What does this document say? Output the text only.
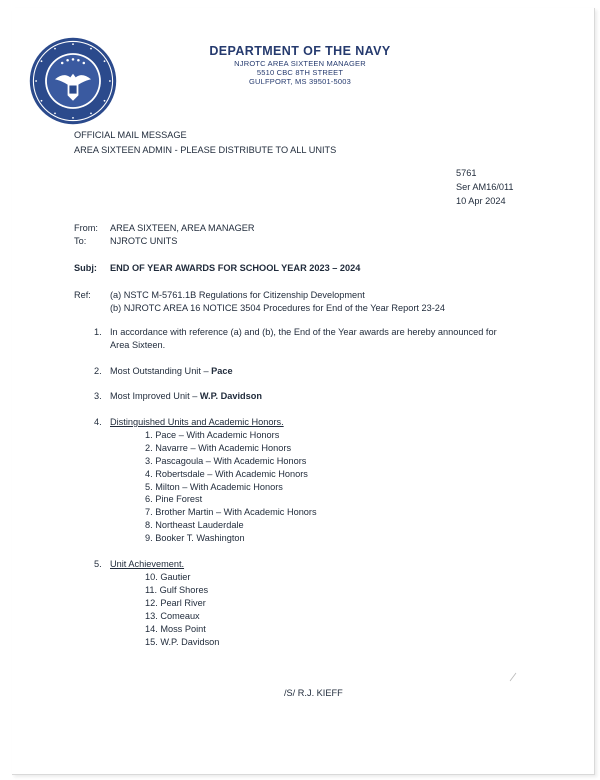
DEPARTMENT OF THE NAVY
NJROTC AREA SIXTEEN MANAGER
5510 CBC 8TH STREET
GULFPORT, MS 39501-5003
OFFICIAL MAIL MESSAGE
AREA SIXTEEN ADMIN - PLEASE DISTRIBUTE TO ALL UNITS
5761
Ser AM16/011
10 Apr 2024
From: AREA SIXTEEN, AREA MANAGER
To:	NJROTC UNITS
Subj: END OF YEAR AWARDS FOR SCHOOL YEAR 2023 – 2024
Ref: (a) NSTC M-5761.1B Regulations for Citizenship Development
(b) NJROTC AREA 16 NOTICE 3504 Procedures for End of the Year Report 23-24
1. In accordance with reference (a) and (b), the End of the Year awards are hereby announced for
Area Sixteen.
2. Most Outstanding Unit – Pace
3. Most Improved Unit – W.P. Davidson
4. Distinguished Units and Academic Honors.
1. Pace – With Academic Honors
2. Navarre – With Academic Honors
3. Pascagoula – With Academic Honors
4. Robertsdale – With Academic Honors
5. Milton – With Academic Honors
6. Pine Forest
7. Brother Martin – With Academic Honors
8. Northeast Lauderdale
9. Booker T. Washington
5. Unit Achievement.
10. Gautier
11. Gulf Shores
12. Pearl River
13. Comeaux
14. Moss Point
15. W.P. Davidson
/S/ R.J. KIEFF
